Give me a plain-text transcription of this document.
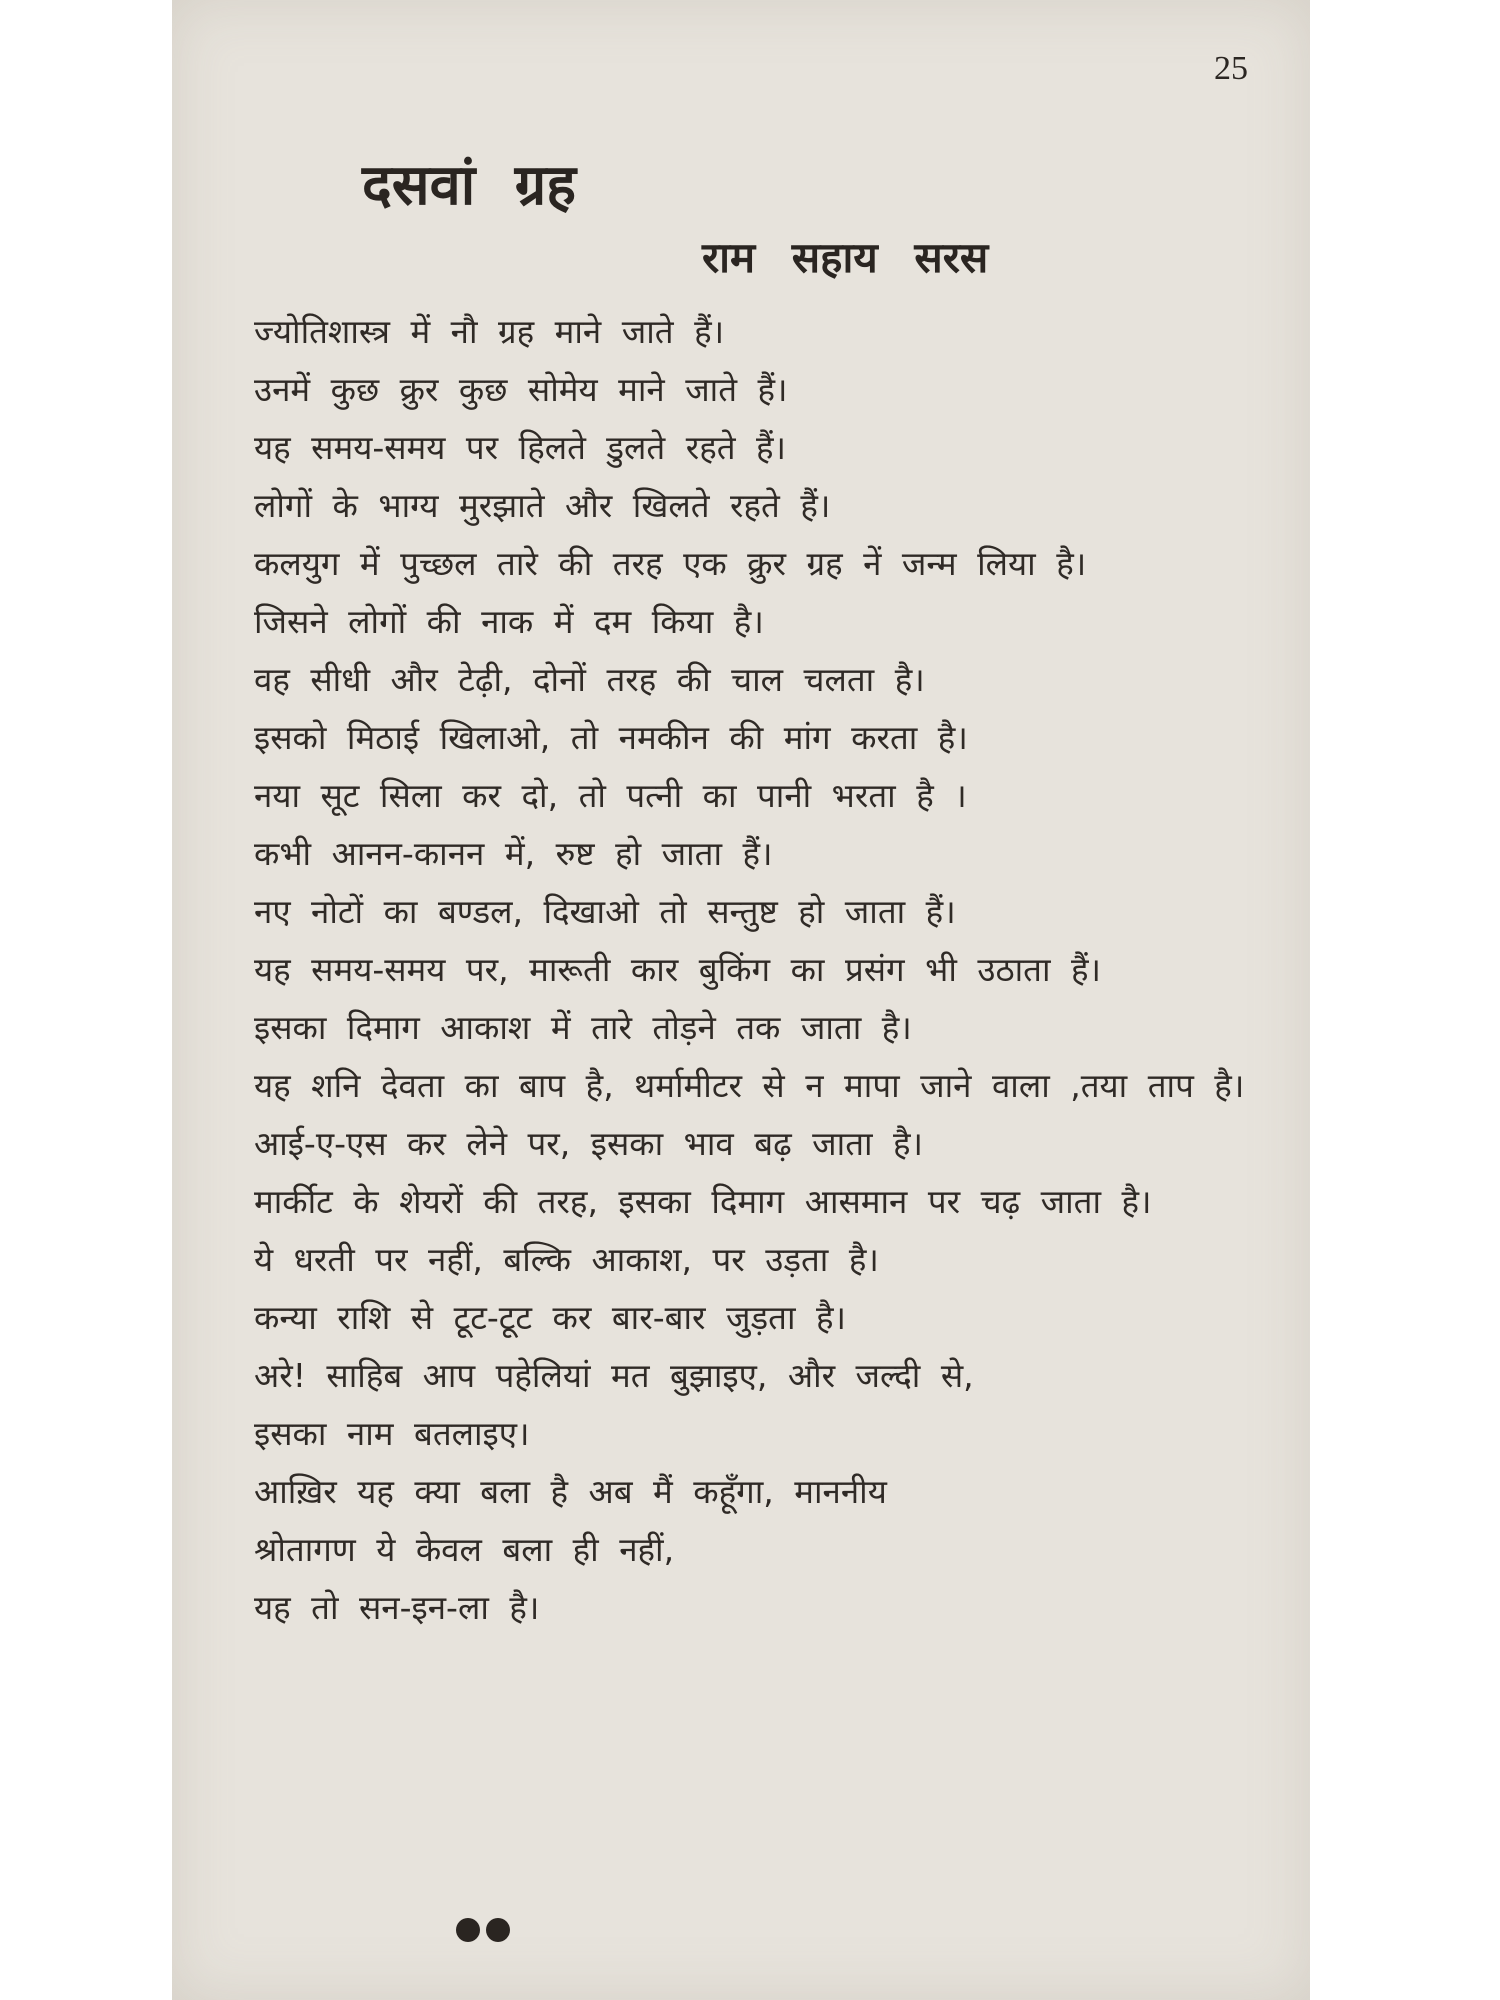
25
दसवां ग्रह
राम सहाय सरस
ज्योतिशास्त्र में नौ ग्रह माने जाते हैं।
उनमें कुछ क्रुर कुछ सोमेय माने जाते हैं।
यह समय-समय पर हिलते डुलते रहते हैं।
लोगों के भाग्य मुरझाते और खिलते रहते हैं।
कलयुग में पुच्छल तारे की तरह एक क्रुर ग्रह नें जन्म लिया है।
जिसने लोगों की नाक में दम किया है।
वह सीधी और टेढ़ी, दोनों तरह की चाल चलता है।
इसको मिठाई खिलाओ, तो नमकीन की मांग करता है।
नया सूट सिला कर दो, तो पत्नी का पानी भरता है ।
कभी आनन-कानन में, रुष्ट हो जाता हैं।
नए नोटों का बण्डल, दिखाओ तो सन्तुष्ट हो जाता हैं।
यह समय-समय पर, मारूती कार बुकिंग का प्रसंग भी उठाता हैं।
इसका दिमाग आकाश में तारे तोड़ने तक जाता है।
यह शनि देवता का बाप है, थर्मामीटर से न मापा जाने वाला ,तया ताप है।
आई-ए-एस कर लेने पर, इसका भाव बढ़ जाता है।
मार्कीट के शेयरों की तरह, इसका दिमाग आसमान पर चढ़ जाता है।
ये धरती पर नहीं, बल्कि आकाश, पर उड़ता है।
कन्या राशि से टूट-टूट कर बार-बार जुड़ता है।
अरे! साहिब आप पहेलियां मत बुझाइए, और जल्दी से,
इसका नाम बतलाइए।
आख़िर यह क्या बला है अब मैं कहूँगा, माननीय
श्रोतागण ये केवल बला ही नहीं,
यह तो सन-इन-ला है।
